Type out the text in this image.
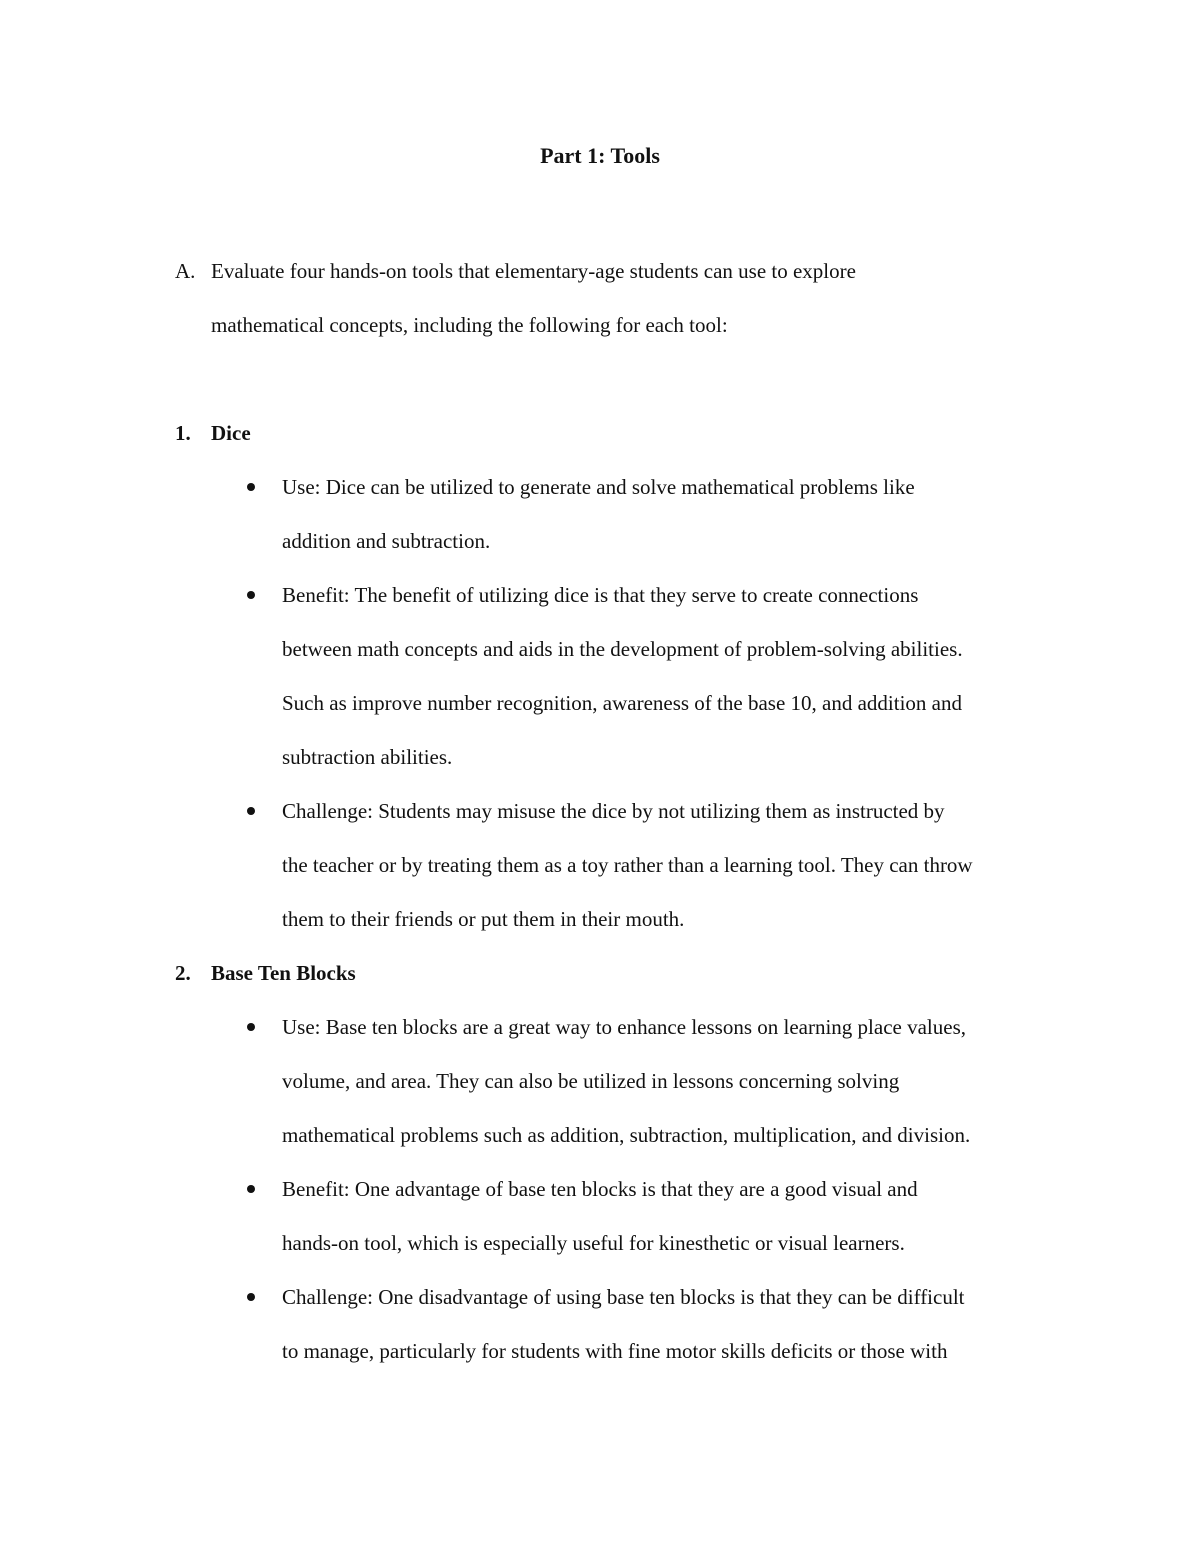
Part 1: Tools
A. Evaluate four hands-on tools that elementary-age students can use to explore
mathematical concepts, including the following for each tool:
1. Dice
Use: Dice can be utilized to generate and solve mathematical problems like
addition and subtraction.
Benefit: The benefit of utilizing dice is that they serve to create connections
between math concepts and aids in the development of problem-solving abilities.
Such as improve number recognition, awareness of the base 10, and addition and
subtraction abilities.
Challenge: Students may misuse the dice by not utilizing them as instructed by
the teacher or by treating them as a toy rather than a learning tool. They can throw
them to their friends or put them in their mouth.
2. Base Ten Blocks
Use: Base ten blocks are a great way to enhance lessons on learning place values,
volume, and area. They can also be utilized in lessons concerning solving
mathematical problems such as addition, subtraction, multiplication, and division.
Benefit: One advantage of base ten blocks is that they are a good visual and
hands-on tool, which is especially useful for kinesthetic or visual learners.
Challenge: One disadvantage of using base ten blocks is that they can be difficult
to manage, particularly for students with fine motor skills deficits or those with
